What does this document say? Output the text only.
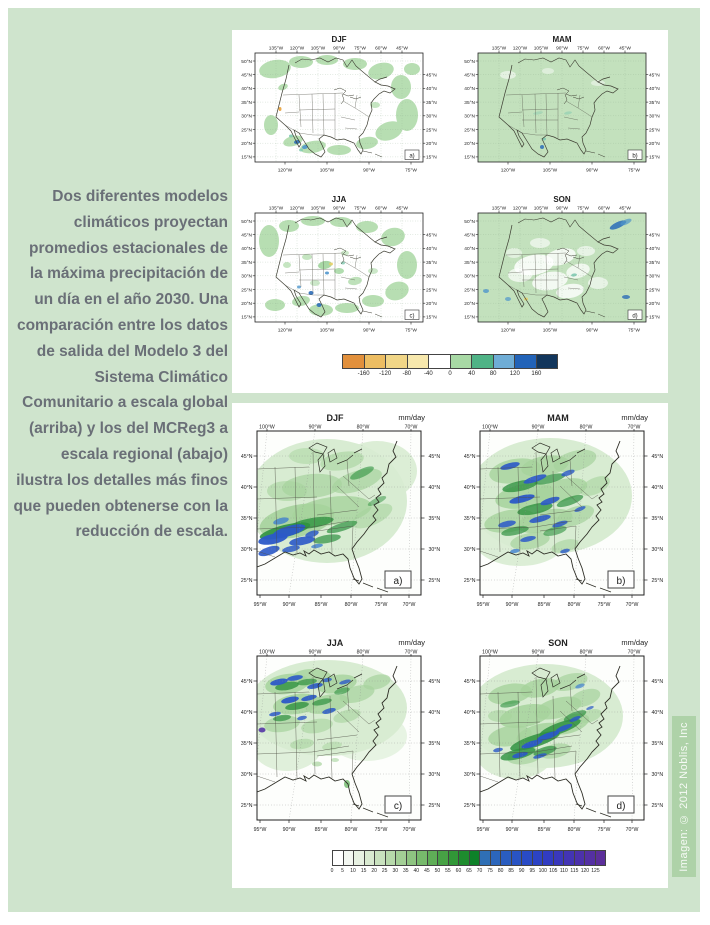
Dos diferentes modelos climáticos proyectan promedios estacionales de la máxima precipitación de un día en el año 2030. Una comparación entre los datos de salida del Modelo 3 del Sistema Climático Comunitario a escala global (arriba) y los del MCReg3 a escala regional (abajo) ilustra los detalles más finos que pueden obtenerse con la reducción de escala.
DJF
135°W 120°W 105°W 90°W 75°W 60°W 45°W
a)
50°N
45°N
40°N
35°N
30°N
25°N
20°N
15°N
45°N
40°N
35°N
30°N
25°N
20°N
15°N
120°W	105°W	90°W	75°W
MAM
135°W 120°W 105°W 90°W 75°W 60°W 45°W
b)
50°N
45°N
40°N
35°N
30°N
25°N
20°N
15°N
45°N
40°N
35°N
30°N
25°N
20°N
15°N
120°W	105°W	90°W	75°W
JJA
135°W 120°W 105°W 90°W 75°W 60°W 45°W
c)
50°N
45°N
40°N
35°N
30°N
25°N
20°N
15°N
45°N
40°N
35°N
30°N
25°N
20°N
15°N
120°W	105°W	90°W	75°W
SON
135°W 120°W 105°W 90°W 75°W 60°W 45°W
d)
50°N
45°N
40°N
35°N
30°N
25°N
20°N
15°N
45°N
40°N
35°N
30°N
25°N
20°N
15°N
120°W	105°W	90°W	75°W
-160 -120 -80 -40	0	40 80 120 160
DJF	mm/day
100°W	90°W	80°W	70°W
a)
45°N
40°N
35°N
30°N
25°N
45°N
40°N
35°N
30°N
25°N
95°W	90°W	85°W	80°W	75°W	70°W
MAM	mm/day
100°W	90°W	80°W	70°W
b)
45°N
40°N
35°N
30°N
25°N
45°N
40°N
35°N
30°N
25°N
95°W	90°W	85°W	80°W	75°W	70°W
JJA	mm/day
100°W	90°W	80°W	70°W
c)
45°N
40°N
35°N
30°N
25°N
45°N
40°N
35°N
30°N
25°N
95°W	90°W	85°W	80°W	75°W	70°W
SON	mm/day
100°W	90°W	80°W	70°W
d)
45°N
40°N
35°N
30°N
25°N
45°N
40°N
35°N
30°N
25°N
95°W	90°W	85°W	80°W	75°W	70°W
0 5 10 15 20 25 30 35 40 45 50 55 60 65 70 75 80 85 90 95 100 105 110 115 120 125	Imagen: © 2012 Noblis, Inc
